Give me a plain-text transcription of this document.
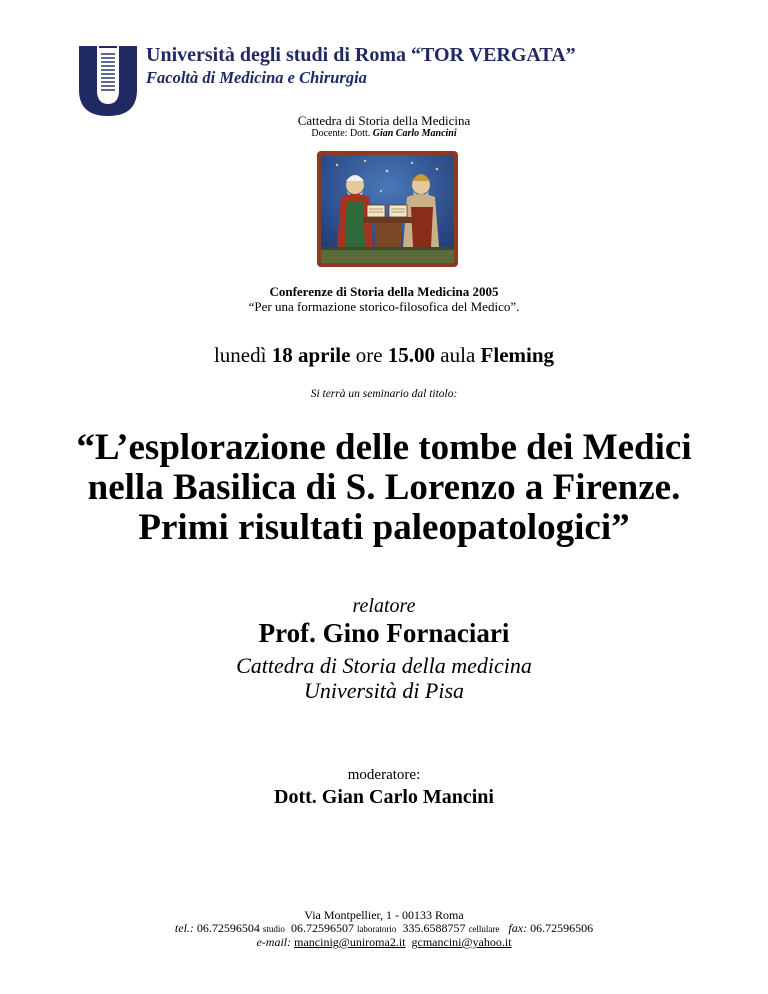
Università degli studi di Roma “TOR VERGATA”
Facoltà di Medicina e Chirurgia
Cattedra di Storia della Medicina
Docente: Dott. Gian Carlo Mancini
Conferenze di Storia della Medicina 2005
“Per una formazione storico-filosofica del Medico”.
lunedì 18 aprile ore 15.00 aula Fleming
Si terrà un seminario dal titolo:
“L’esplorazione delle tombe dei Medici
nella Basilica di S. Lorenzo a Firenze.
Primi risultati paleopatologici”
relatore
Prof. Gino Fornaciari
Cattedra di Storia della medicina
Università di Pisa
moderatore:
Dott. Gian Carlo Mancini
Via Montpellier, 1 - 00133 Roma
tel.: 06.72596504 studio 06.72596507 laboratorio 335.6588757 cellulare fax: 06.72596506
e-mail: mancinig@uniroma2.it gcmancini@yahoo.it
